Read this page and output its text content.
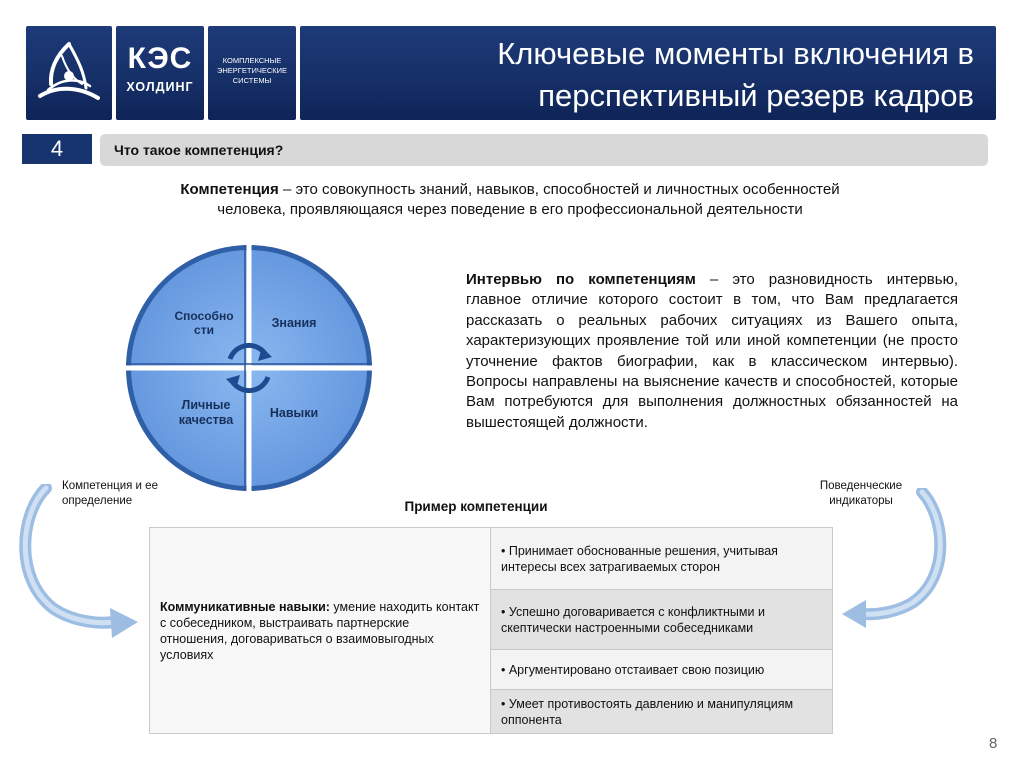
КЭС
ХОЛДИНГ
КОМПЛЕКСНЫЕ
ЭНЕРГЕТИЧЕСКИЕ
СИСТЕМЫ
Ключевые моменты включения в
перспективный резерв кадров
4	Что такое компетенция?
Компетенция – это совокупность знаний, навыков, способностей и личностных особенностей
человека, проявляющаяся через поведение в его профессиональной деятельности
Способно
сти	Знания
Личные
качества	Навыки
Интервью по компетенциям – это разновидность интервью, главное отличие которого состоит в том, что Вам предлагается рассказать о реальных рабочих ситуациях из Вашего опыта, характеризующих проявление той или иной компетенции (не просто уточнение фактов биографии, как в классическом интервью). Вопросы направлены на выяснение качеств и способностей, которые Вам потребуются для выполнения должностных обязанностей на вышестоящей должности.
Компетенция и ее
определение
Поведенческие
индикаторы
Пример компетенции
Коммуникативные навыки: умение находить контакт с собеседником, выстраивать партнерские отношения, договариваться о взаимовыгодных условиях	• Принимает обоснованные решения, учитывая интересы всех затрагиваемых сторон
• Успешно договаривается с конфликтными и скептически настроенными собеседниками
• Аргументировано отстаивает свою позицию
• Умеет противостоять давлению и манипуляциям оппонента
8
